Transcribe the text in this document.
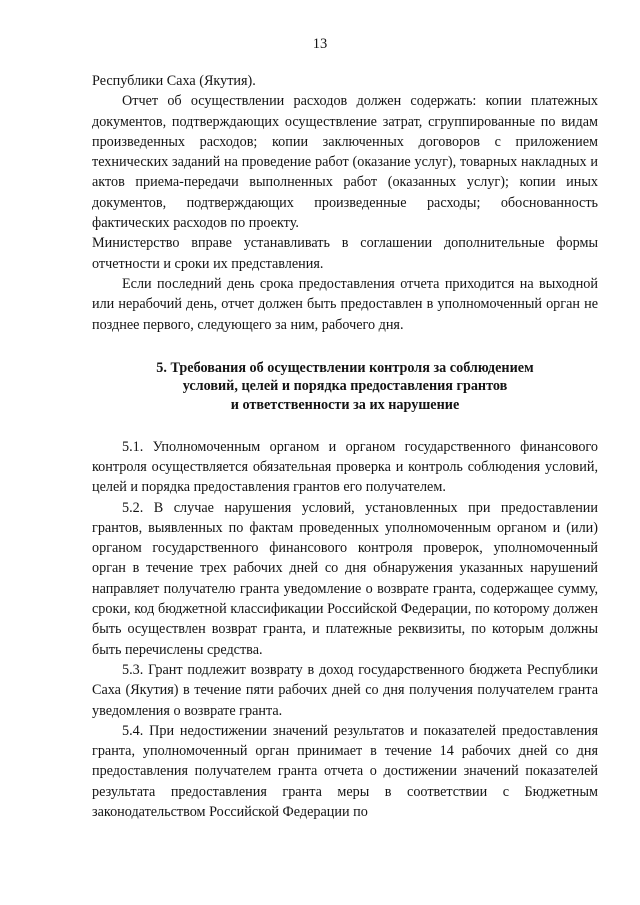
13

Республики Саха (Якутия).

Отчет об осуществлении расходов должен содержать: копии платежных документов, подтверждающих осуществление затрат, сгруппированные по видам произведенных расходов; копии заключенных договоров с приложением технических заданий на проведение работ (оказание услуг), товарных накладных и актов приема-передачи выполненных работ (оказанных услуг); копии иных документов, подтверждающих произведенные расходы; обоснованность фактических расходов по проекту.

Министерство вправе устанавливать в соглашении дополнительные формы отчетности и сроки их представления.

Если последний день срока предоставления отчета приходится на выходной или нерабочий день, отчет должен быть предоставлен в уполномоченный орган не позднее первого, следующего за ним, рабочего дня.

5. Требования об осуществлении контроля за соблюдением
условий, целей и порядка предоставления грантов
и ответственности за их нарушение

5.1. Уполномоченным органом и органом государственного финансового контроля осуществляется обязательная проверка и контроль соблюдения условий, целей и порядка предоставления грантов его получателем.

5.2. В случае нарушения условий, установленных при предоставлении грантов, выявленных по фактам проведенных уполномоченным органом и (или) органом государственного финансового контроля проверок, уполномоченный орган в течение трех рабочих дней со дня обнаружения указанных нарушений направляет получателю гранта уведомление о возврате гранта, содержащее сумму, сроки, код бюджетной классификации Российской Федерации, по которому должен быть осуществлен возврат гранта, и платежные реквизиты, по которым должны быть перечислены средства.

5.3. Грант подлежит возврату в доход государственного бюджета Республики Саха (Якутия) в течение пяти рабочих дней со дня получения получателем гранта уведомления о возврате гранта.

5.4. При недостижении значений результатов и показателей предоставления гранта, уполномоченный орган принимает в течение 14 рабочих дней со дня предоставления получателем гранта отчета о достижении значений показателей результата предоставления гранта меры в соответствии с Бюджетным законодательством Российской Федерации по
